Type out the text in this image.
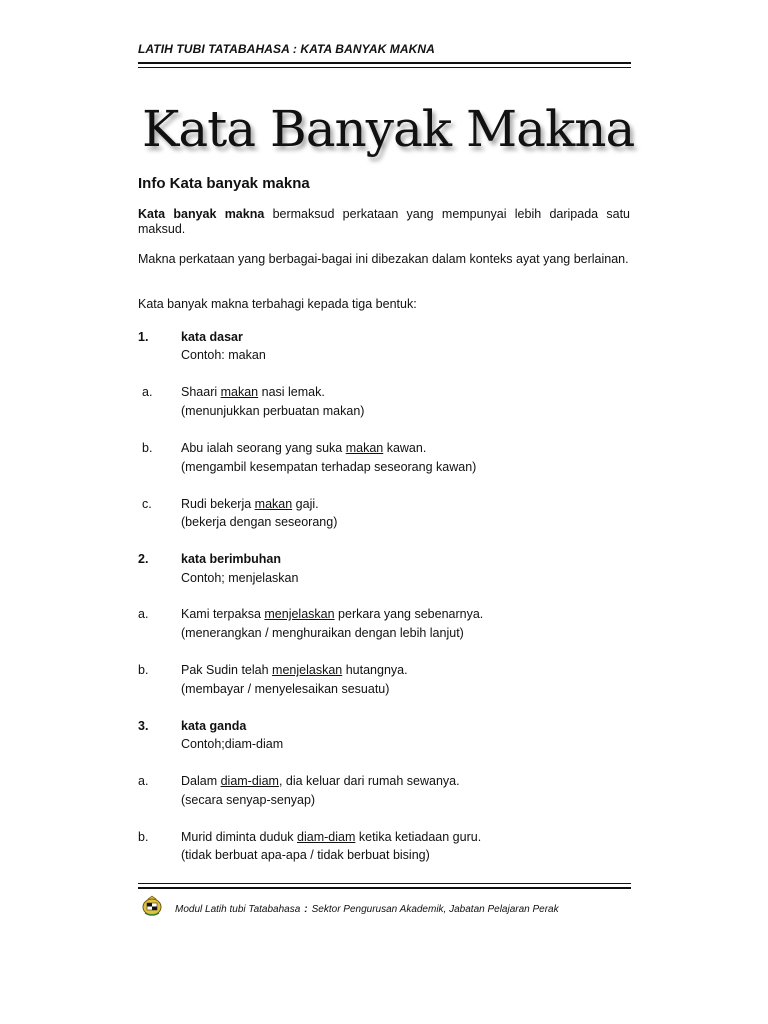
LATIH TUBI TATABAHASA : KATA BANYAK MAKNA
Kata Banyak Makna
Info Kata banyak makna
Kata banyak makna bermaksud perkataan yang mempunyai lebih daripada satu maksud.
Makna perkataan yang berbagai-bagai ini dibezakan dalam konteks ayat yang berlainan.
Kata banyak makna terbahagi kepada tiga bentuk:
1.	kata dasar
Contoh: makan
a. Shaari makan nasi lemak.
(menunjukkan perbuatan makan)
b. Abu ialah seorang yang suka makan kawan.
(mengambil kesempatan terhadap seseorang kawan)
c. Rudi bekerja makan gaji.
(bekerja dengan seseorang)
2.	kata berimbuhan
Contoh; menjelaskan
a.	Kami terpaksa menjelaskan perkara yang sebenarnya.
(menerangkan / menghuraikan dengan lebih lanjut)
b.	Pak Sudin telah menjelaskan hutangnya.
(membayar / menyelesaikan sesuatu)
3.	kata ganda
Contoh;diam-diam
a.	Dalam diam-diam, dia keluar dari rumah sewanya.
(secara senyap-senyap)
b.	Murid diminta duduk diam-diam ketika ketiadaan guru.
(tidak berbuat apa-apa / tidak berbuat bising)
Modul Latih tubi Tatabahasa : Sektor Pengurusan Akademik, Jabatan Pelajaran Perak
